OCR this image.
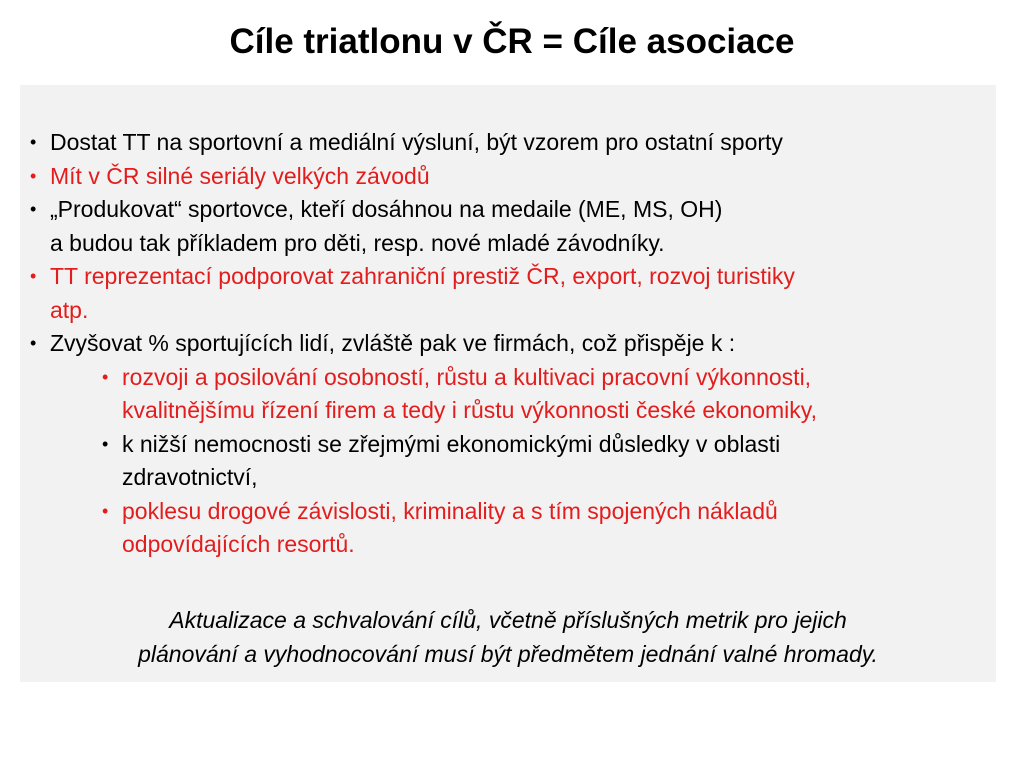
Cíle triatlonu v ČR = Cíle asociace
• Dostat TT na sportovní a mediální výsluní, být vzorem pro ostatní sporty
• Mít v ČR silné seriály velkých závodů
• „Produkovat“ sportovce, kteří dosáhnou na medaile (ME, MS, OH)
a budou tak příkladem pro děti, resp. nové mladé závodníky.
• TT reprezentací podporovat zahraniční prestiž ČR, export, rozvoj turistiky
atp.
• Zvyšovat % sportujících lidí, zvláště pak ve firmách, což přispěje k :
• rozvoji a posilování osobností, růstu a kultivaci pracovní výkonnosti,
kvalitnějšímu řízení firem a tedy i růstu výkonnosti české ekonomiky,
• k nižší nemocnosti se zřejmými ekonomickými důsledky v oblasti
zdravotnictví,
• poklesu drogové závislosti, kriminality a s tím spojených nákladů
odpovídajících resortů.
Aktualizace a schvalování cílů, včetně příslušných metrik pro jejich
plánování a vyhodnocování musí být předmětem jednání valné hromady.
